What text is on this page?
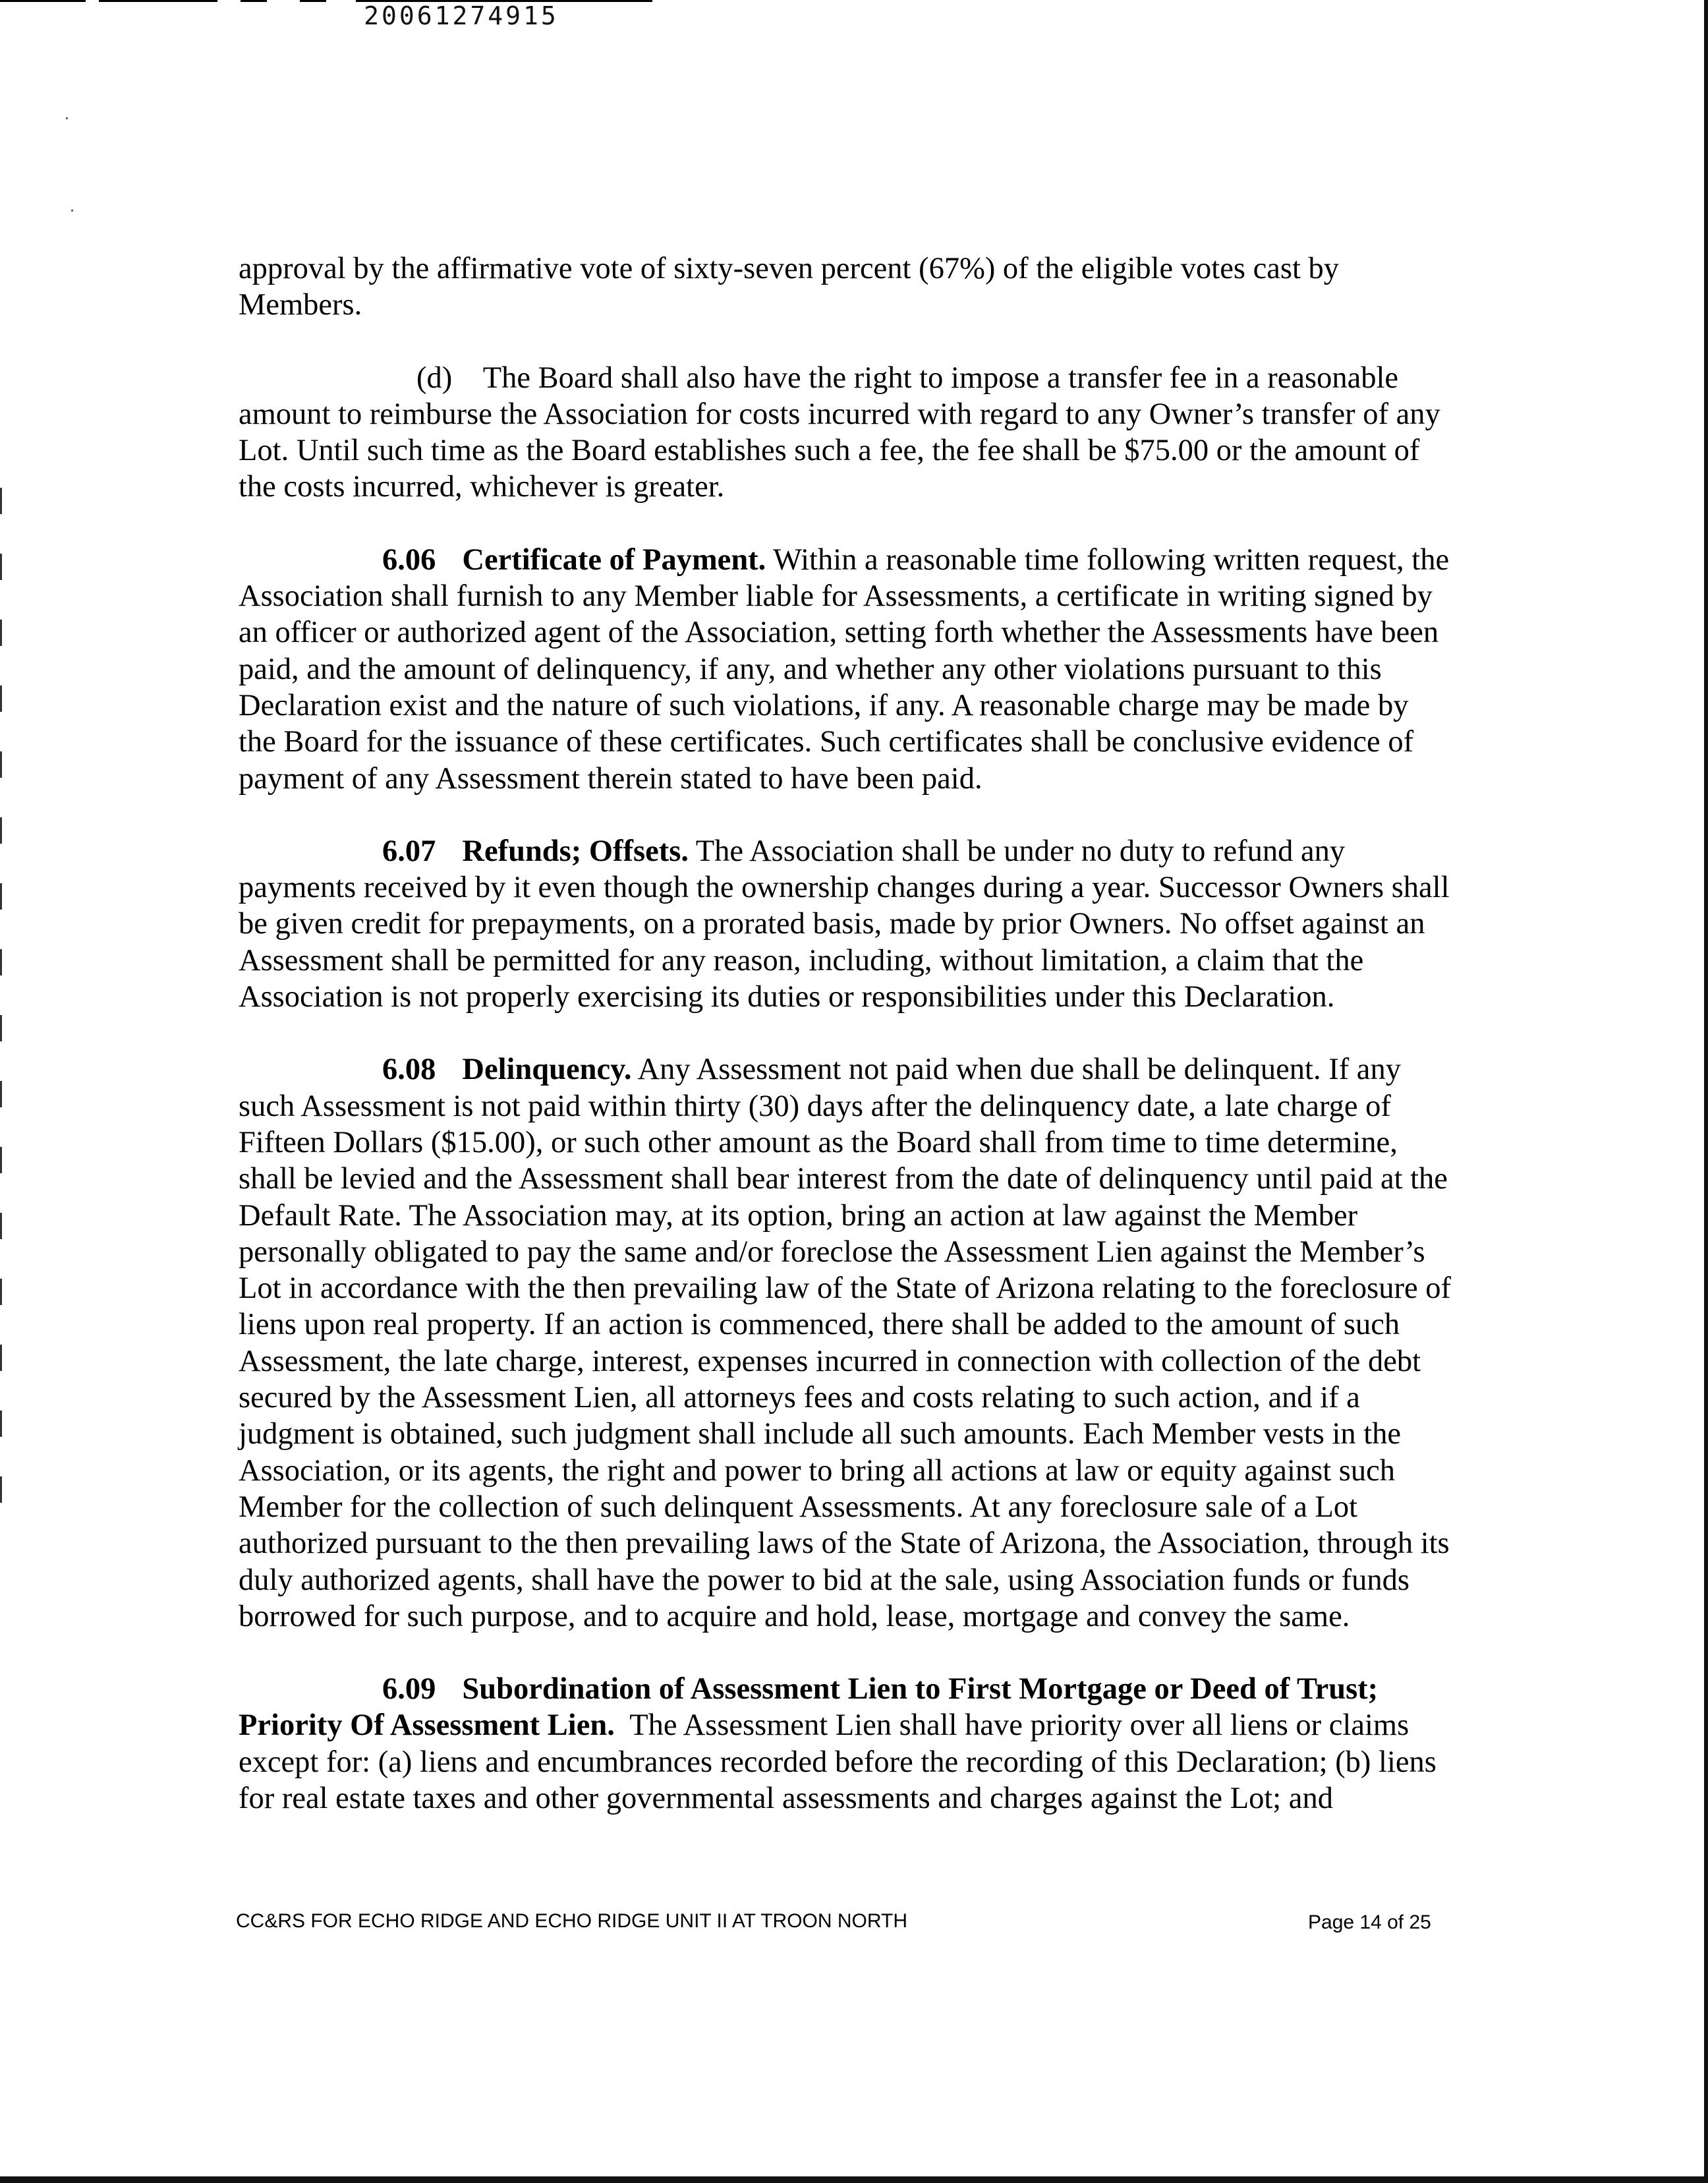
20061274915

approval by the affirmative vote of sixty-seven percent (67%) of the eligible votes cast by Members.

(d) The Board shall also have the right to impose a transfer fee in a reasonable amount to reimburse the Association for costs incurred with regard to any Owner’s transfer of any Lot. Until such time as the Board establishes such a fee, the fee shall be $75.00 or the amount of the costs incurred, whichever is greater.

6.06 Certificate of Payment. Within a reasonable time following written request, the Association shall furnish to any Member liable for Assessments, a certificate in writing signed by an officer or authorized agent of the Association, setting forth whether the Assessments have been paid, and the amount of delinquency, if any, and whether any other violations pursuant to this Declaration exist and the nature of such violations, if any. A reasonable charge may be made by the Board for the issuance of these certificates. Such certificates shall be conclusive evidence of payment of any Assessment therein stated to have been paid.

6.07 Refunds; Offsets. The Association shall be under no duty to refund any payments received by it even though the ownership changes during a year. Successor Owners shall be given credit for prepayments, on a prorated basis, made by prior Owners. No offset against an Assessment shall be permitted for any reason, including, without limitation, a claim that the Association is not properly exercising its duties or responsibilities under this Declaration.

6.08 Delinquency. Any Assessment not paid when due shall be delinquent. If any such Assessment is not paid within thirty (30) days after the delinquency date, a late charge of Fifteen Dollars ($15.00), or such other amount as the Board shall from time to time determine, shall be levied and the Assessment shall bear interest from the date of delinquency until paid at the Default Rate. The Association may, at its option, bring an action at law against the Member personally obligated to pay the same and/or foreclose the Assessment Lien against the Member’s Lot in accordance with the then prevailing law of the State of Arizona relating to the foreclosure of liens upon real property. If an action is commenced, there shall be added to the amount of such Assessment, the late charge, interest, expenses incurred in connection with collection of the debt secured by the Assessment Lien, all attorneys fees and costs relating to such action, and if a judgment is obtained, such judgment shall include all such amounts. Each Member vests in the Association, or its agents, the right and power to bring all actions at law or equity against such Member for the collection of such delinquent Assessments. At any foreclosure sale of a Lot authorized pursuant to the then prevailing laws of the State of Arizona, the Association, through its duly authorized agents, shall have the power to bid at the sale, using Association funds or funds borrowed for such purpose, and to acquire and hold, lease, mortgage and convey the same.

6.09 Subordination of Assessment Lien to First Mortgage or Deed of Trust; Priority Of Assessment Lien. The Assessment Lien shall have priority over all liens or claims except for: (a) liens and encumbrances recorded before the recording of this Declaration; (b) liens for real estate taxes and other governmental assessments and charges against the Lot; and

CC&RS FOR ECHO RIDGE AND ECHO RIDGE UNIT II AT TROON NORTH	Page 14 of 25
